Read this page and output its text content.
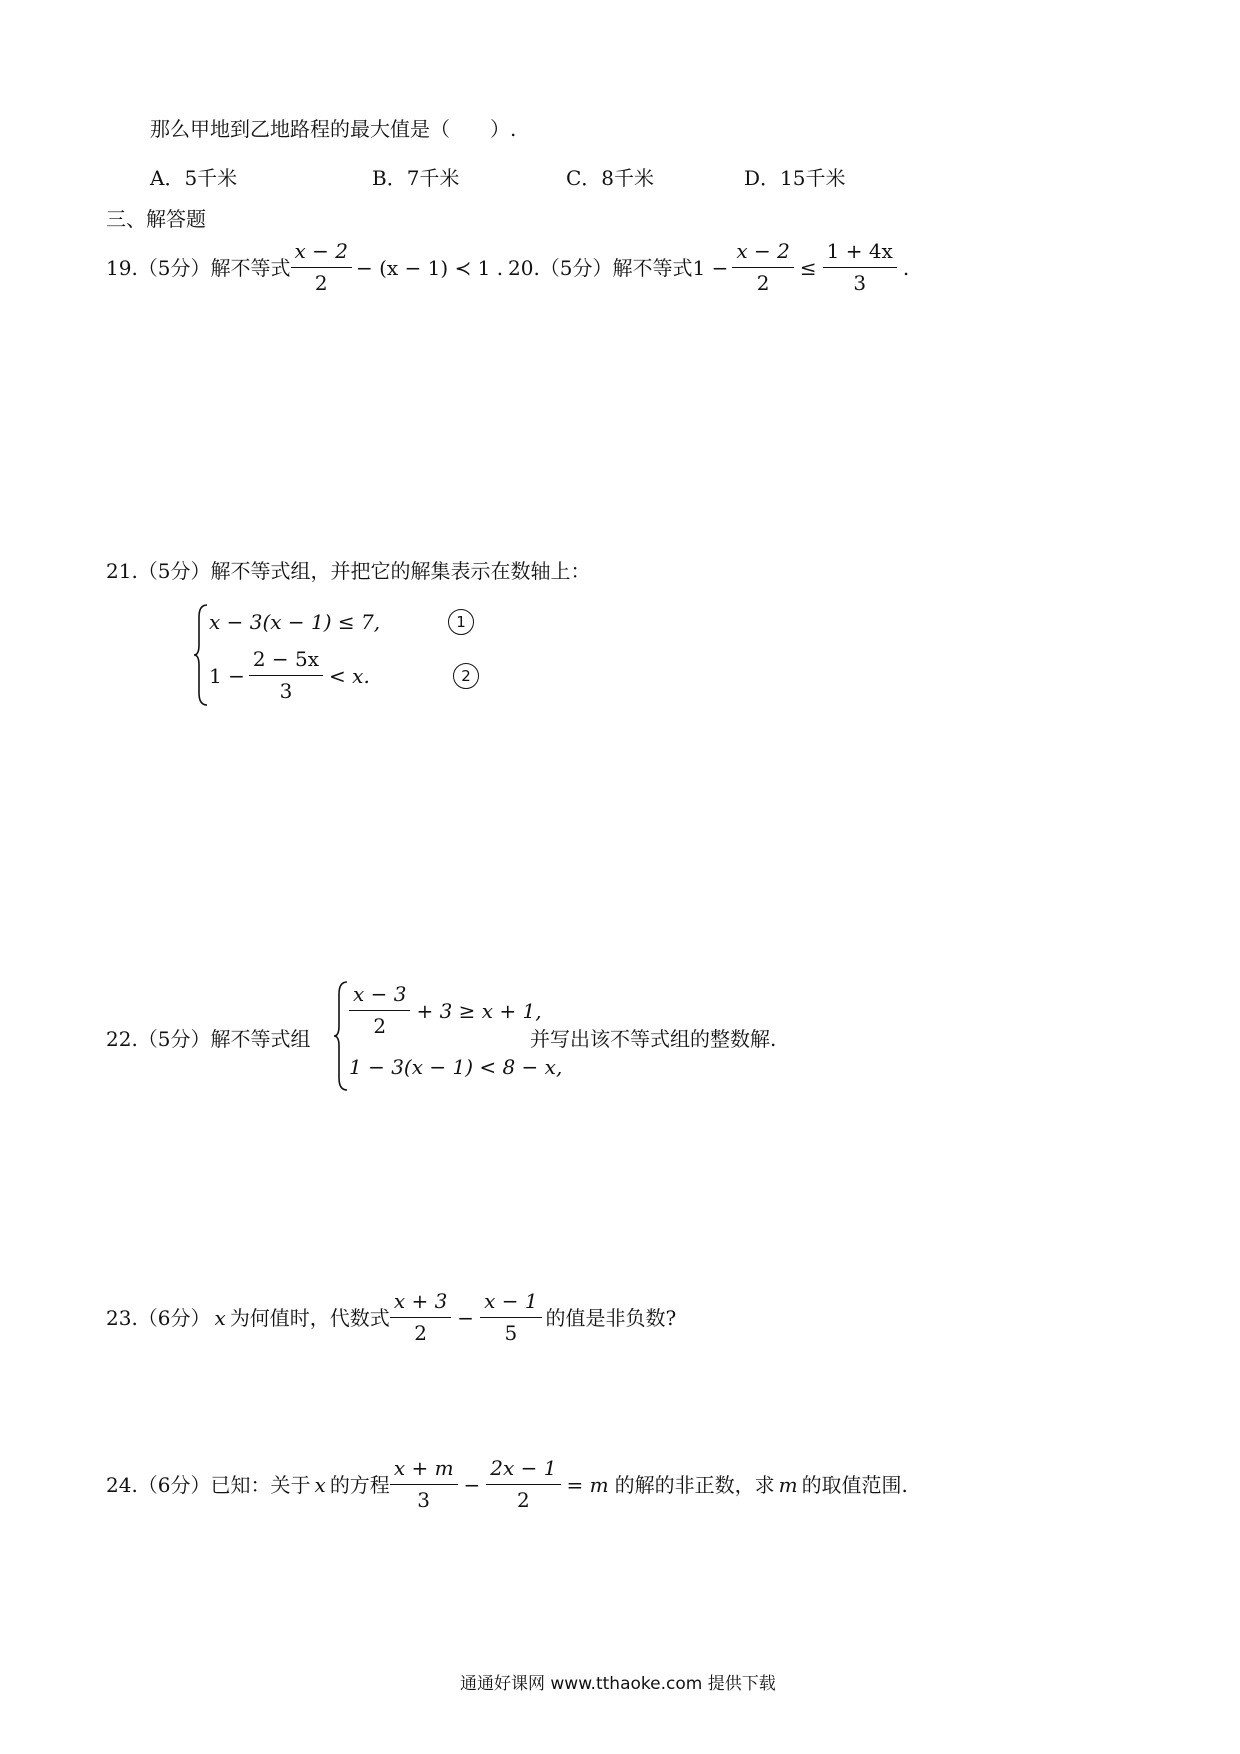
那么甲地到乙地路程的最大值是（　　）.
A．5千米	B．7千米	C．8千米	D．15千米
三、解答题
19.（5分）解不等式 $\frac{x - 2}{2} - (x - 1)$ ≺ 1 . 20.（5分）解不等式 $1 - \frac{x - 2}{2} \le \frac{1 + 4x}{3}$ .
21.（5分）解不等式组，并把它的解集表示在数轴上：
x − 3(x − 1) ≤ 7,	1
$1 - \frac{2 - 5x}{3} < x$.	2
22.（5分）解不等式组
$\frac{x - 3}{2} + 3 \ge x + 1$,
1 − 3(x − 1) < 8 − x,
并写出该不等式组的整数解.
23.（6分） x 为何值时，代数式 $\frac{x + 3}{2} - \frac{x - 1}{5}$ 的值是非负数?
24.（6分）已知：关于 x 的方程 $\frac{x + m}{3} - \frac{2x - 1}{2} = m$ 的解的非正数，求 m 的取值范围.
通通好课网 www.tthaoke.com 提供下载
